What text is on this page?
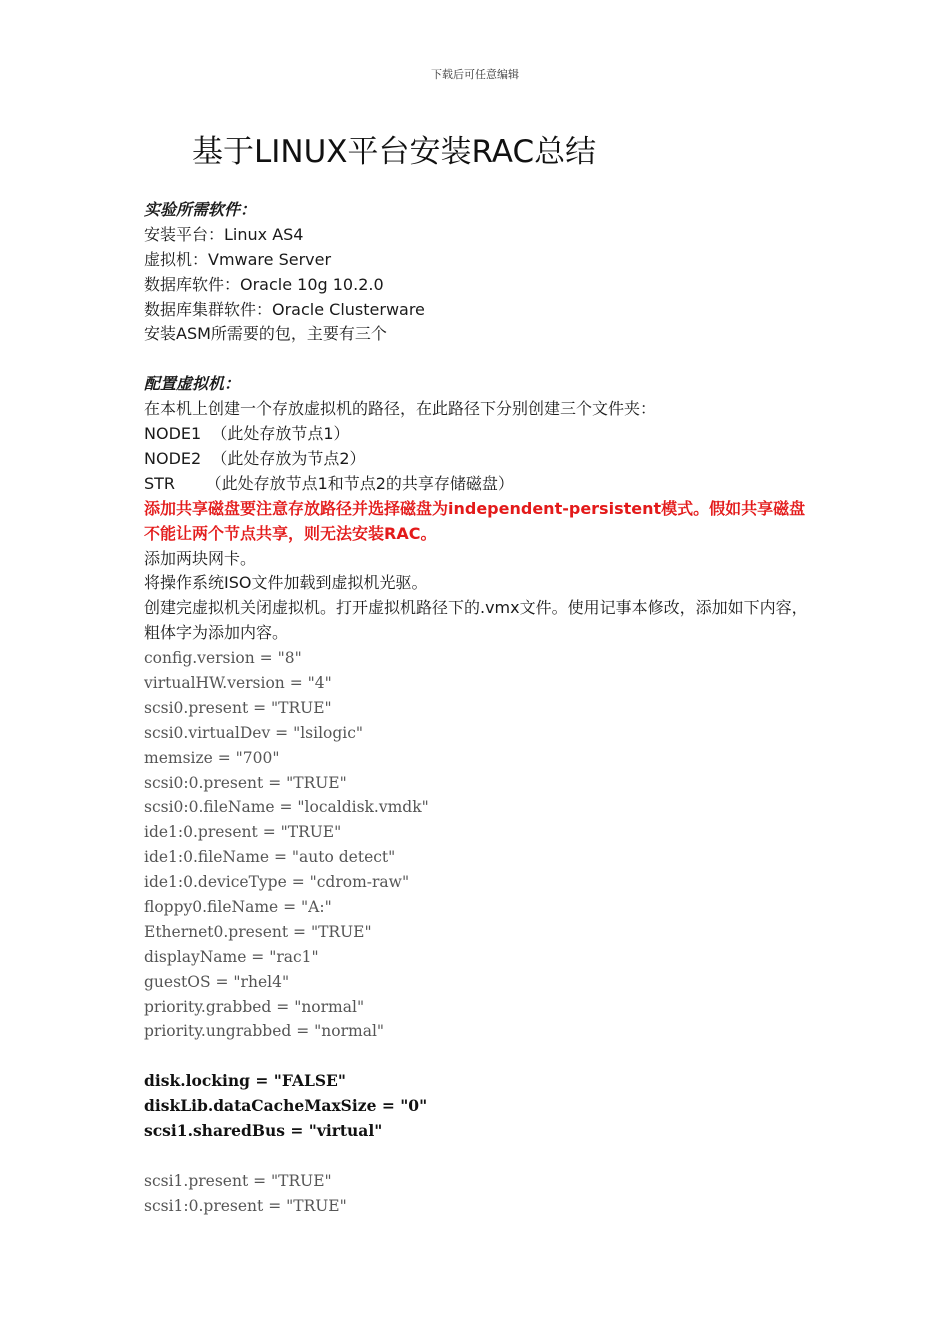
下载后可任意编辑
基于LINUX平台安装RAC总结
实验所需软件：
安装平台：Linux AS4
虚拟机：Vmware Server
数据库软件：Oracle 10g 10.2.0
数据库集群软件：Oracle Clusterware
安装ASM所需要的包，主要有三个
配置虚拟机：
在本机上创建一个存放虚拟机的路径，在此路径下分别创建三个文件夹：
NODE1  （此处存放节点1）
NODE2  （此处存放为节点2）
STR      （此处存放节点1和节点2的共享存储磁盘）
添加共享磁盘要注意存放路径并选择磁盘为independent-persistent模式。假如共享磁盘不能让两个节点共享，则无法安装RAC。
添加两块网卡。
将操作系统ISO文件加载到虚拟机光驱。
创建完虚拟机关闭虚拟机。打开虚拟机路径下的.vmx文件。使用记事本修改，添加如下内容，粗体字为添加内容。
config.version = "8"
virtualHW.version = "4"
scsi0.present = "TRUE"
scsi0.virtualDev = "lsilogic"
memsize = "700"
scsi0:0.present = "TRUE"
scsi0:0.fileName = "localdisk.vmdk"
ide1:0.present = "TRUE"
ide1:0.fileName = "auto detect"
ide1:0.deviceType = "cdrom-raw"
floppy0.fileName = "A:"
Ethernet0.present = "TRUE"
displayName = "rac1"
guestOS = "rhel4"
priority.grabbed = "normal"
priority.ungrabbed = "normal"
disk.locking = "FALSE"
diskLib.dataCacheMaxSize = "0"
scsi1.sharedBus = "virtual"
scsi1.present = "TRUE"
scsi1:0.present = "TRUE"
